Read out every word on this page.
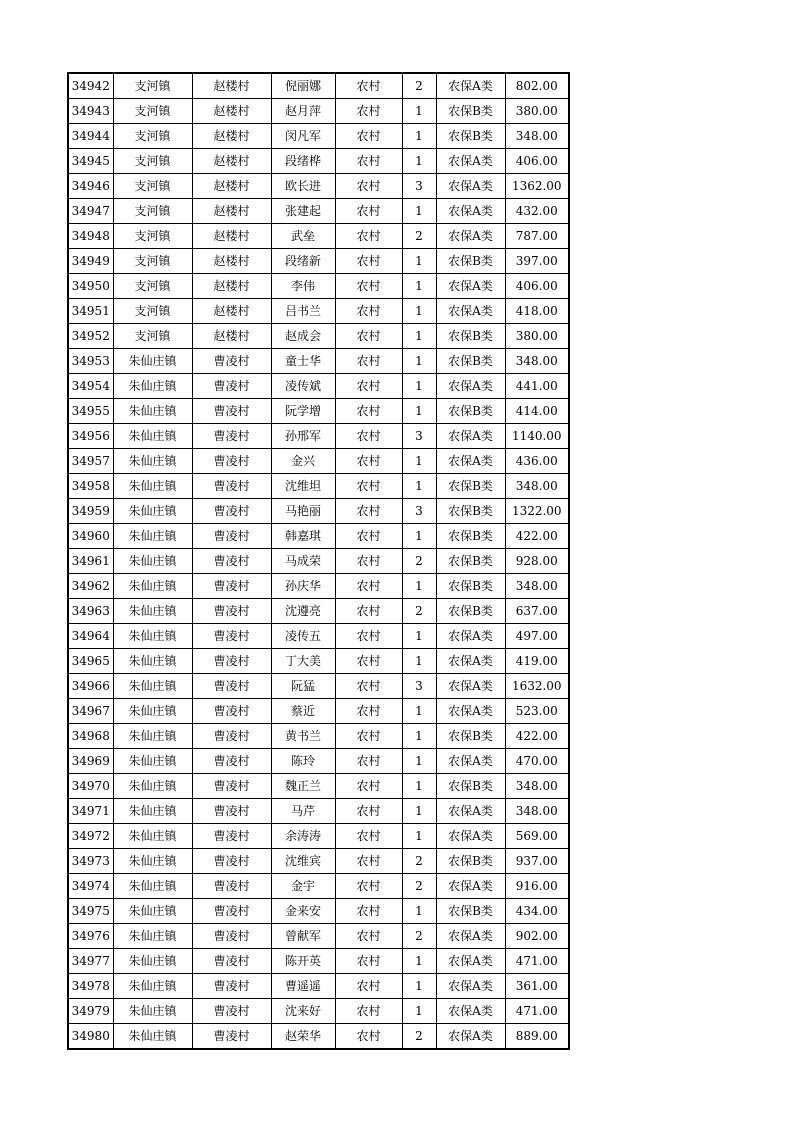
34942	支河镇	赵楼村	倪丽娜	农村	2	农保A类	802.00
34943	支河镇	赵楼村	赵月萍	农村	1	农保B类	380.00
34944	支河镇	赵楼村	闵凡军	农村	1	农保B类	348.00
34945	支河镇	赵楼村	段绪桦	农村	1	农保A类	406.00
34946	支河镇	赵楼村	欧长进	农村	3	农保A类	1362.00
34947	支河镇	赵楼村	张建起	农村	1	农保A类	432.00
34948	支河镇	赵楼村	武垒	农村	2	农保A类	787.00
34949	支河镇	赵楼村	段绪新	农村	1	农保B类	397.00
34950	支河镇	赵楼村	李伟	农村	1	农保A类	406.00
34951	支河镇	赵楼村	吕书兰	农村	1	农保A类	418.00
34952	支河镇	赵楼村	赵成会	农村	1	农保B类	380.00
34953	朱仙庄镇	曹凌村	童士华	农村	1	农保B类	348.00
34954	朱仙庄镇	曹凌村	凌传斌	农村	1	农保A类	441.00
34955	朱仙庄镇	曹凌村	阮学增	农村	1	农保B类	414.00
34956	朱仙庄镇	曹凌村	孙邢军	农村	3	农保A类	1140.00
34957	朱仙庄镇	曹凌村	金兴	农村	1	农保A类	436.00
34958	朱仙庄镇	曹凌村	沈维坦	农村	1	农保B类	348.00
34959	朱仙庄镇	曹凌村	马艳丽	农村	3	农保B类	1322.00
34960	朱仙庄镇	曹凌村	韩嘉琪	农村	1	农保B类	422.00
34961	朱仙庄镇	曹凌村	马成荣	农村	2	农保B类	928.00
34962	朱仙庄镇	曹凌村	孙庆华	农村	1	农保B类	348.00
34963	朱仙庄镇	曹凌村	沈遵亮	农村	2	农保B类	637.00
34964	朱仙庄镇	曹凌村	凌传五	农村	1	农保A类	497.00
34965	朱仙庄镇	曹凌村	丁大美	农村	1	农保A类	419.00
34966	朱仙庄镇	曹凌村	阮猛	农村	3	农保A类	1632.00
34967	朱仙庄镇	曹凌村	蔡近	农村	1	农保A类	523.00
34968	朱仙庄镇	曹凌村	黄书兰	农村	1	农保B类	422.00
34969	朱仙庄镇	曹凌村	陈玲	农村	1	农保A类	470.00
34970	朱仙庄镇	曹凌村	魏正兰	农村	1	农保B类	348.00
34971	朱仙庄镇	曹凌村	马芹	农村	1	农保A类	348.00
34972	朱仙庄镇	曹凌村	余涛涛	农村	1	农保A类	569.00
34973	朱仙庄镇	曹凌村	沈维宾	农村	2	农保B类	937.00
34974	朱仙庄镇	曹凌村	金宇	农村	2	农保A类	916.00
34975	朱仙庄镇	曹凌村	金来安	农村	1	农保B类	434.00
34976	朱仙庄镇	曹凌村	曾献军	农村	2	农保A类	902.00
34977	朱仙庄镇	曹凌村	陈开英	农村	1	农保A类	471.00
34978	朱仙庄镇	曹凌村	曹遥遥	农村	1	农保A类	361.00
34979	朱仙庄镇	曹凌村	沈来好	农村	1	农保A类	471.00
34980	朱仙庄镇	曹凌村	赵荣华	农村	2	农保A类	889.00
